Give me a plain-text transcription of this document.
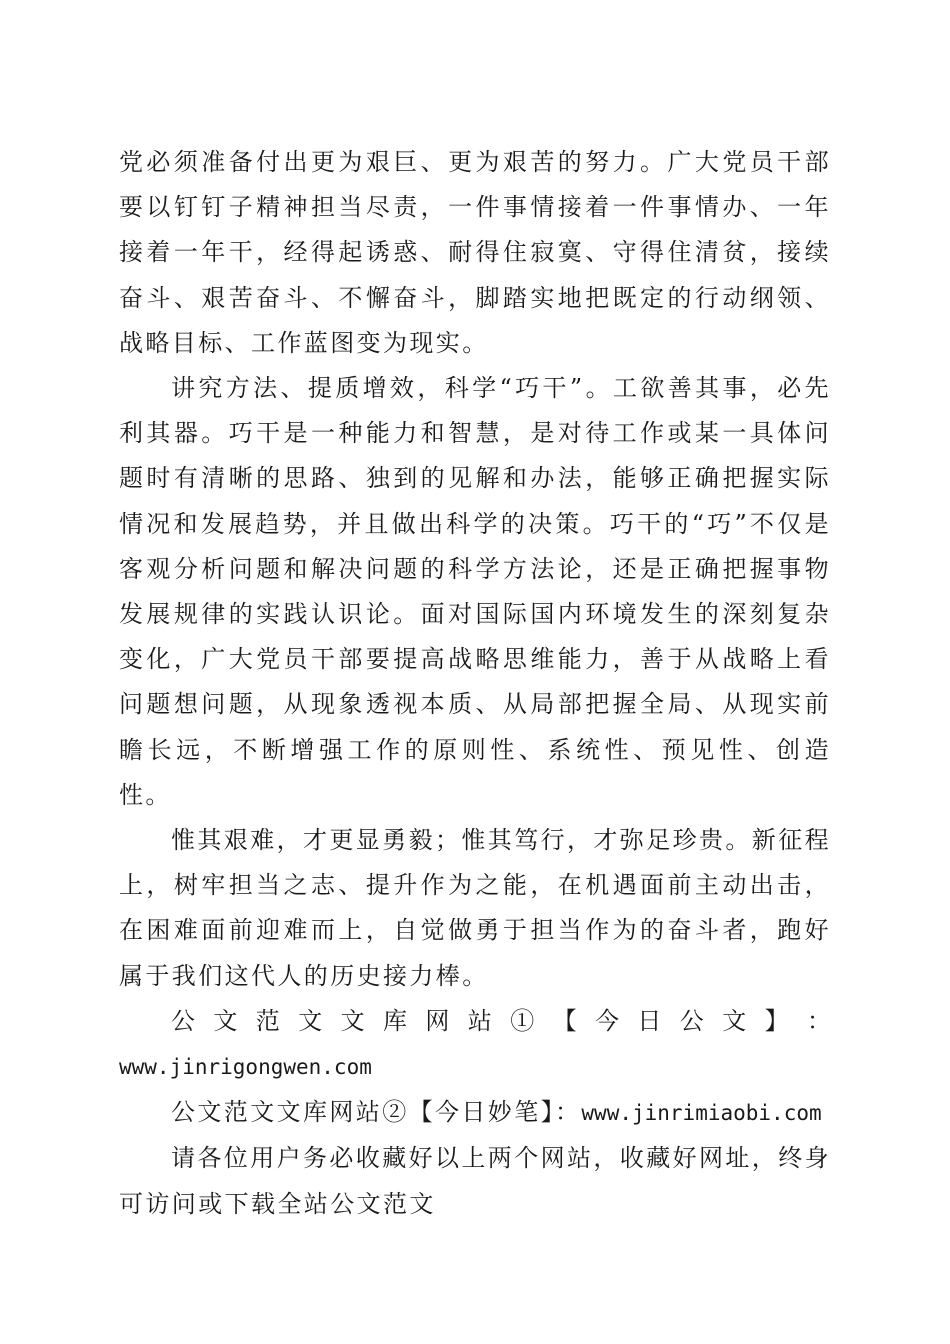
党必须准备付出更为艰巨、更为艰苦的努力。广大党员干部要以钉钉子精神担当尽责，一件事情接着一件事情办、一年接着一年干，经得起诱惑、耐得住寂寞、守得住清贫，接续奋斗、艰苦奋斗、不懈奋斗，脚踏实地把既定的行动纲领、战略目标、工作蓝图变为现实。

讲究方法、提质增效，科学“巧干”。工欲善其事，必先利其器。巧干是一种能力和智慧，是对待工作或某一具体问题时有清晰的思路、独到的见解和办法，能够正确把握实际情况和发展趋势，并且做出科学的决策。巧干的“巧”不仅是客观分析问题和解决问题的科学方法论，还是正确把握事物发展规律的实践认识论。面对国际国内环境发生的深刻复杂变化，广大党员干部要提高战略思维能力，善于从战略上看问题想问题，从现象透视本质、从局部把握全局、从现实前瞻长远，不断增强工作的原则性、系统性、预见性、创造性。

惟其艰难，才更显勇毅；惟其笃行，才弥足珍贵。新征程上，树牢担当之志、提升作为之能，在机遇面前主动出击，在困难面前迎难而上，自觉做勇于担当作为的奋斗者，跑好属于我们这代人的历史接力棒。

公 文 范 文 文 库 网 站 ① 【 今 日 公 文 】 ：

www.jinrigongwen.com

公文范文文库网站②【今日妙笔】：www.jinrimiaobi.com

请各位用户务必收藏好以上两个网站，收藏好网址，终身可访问或下载全站公文范文
